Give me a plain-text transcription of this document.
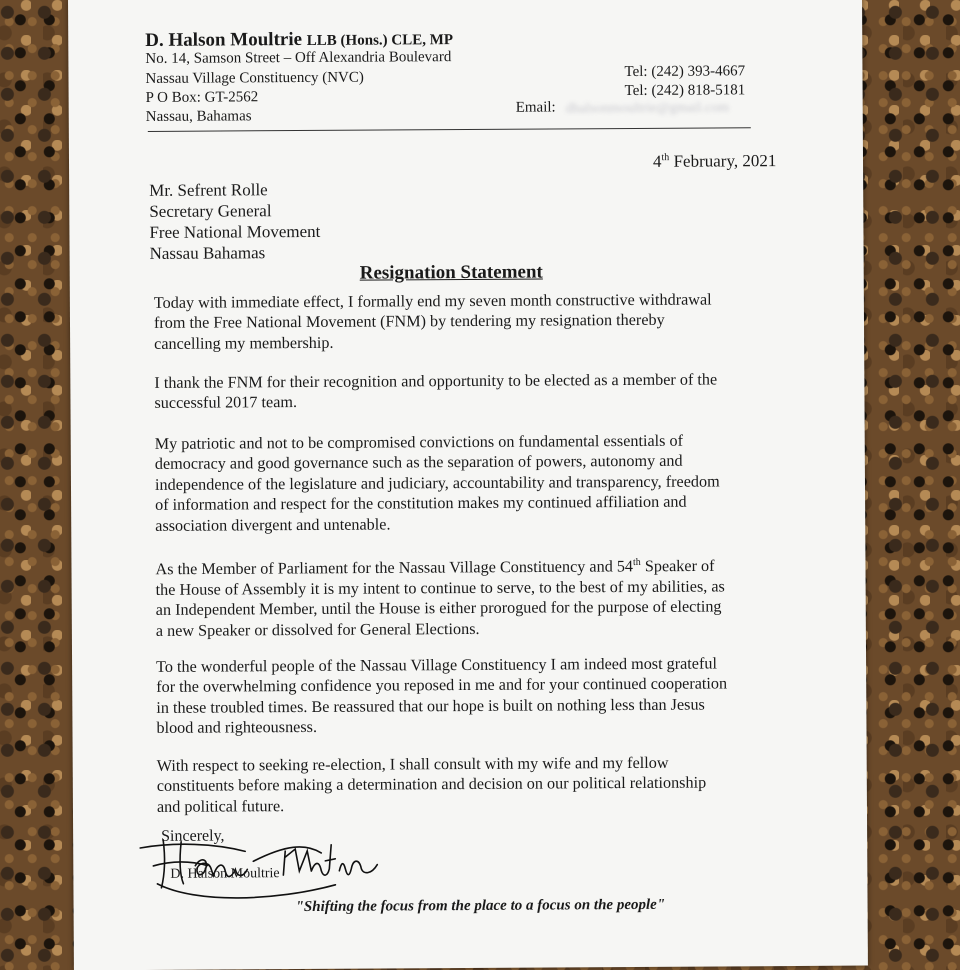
D. Halson Moultrie LLB (Hons.) CLE, MP
No. 14, Samson Street – Off Alexandria Boulevard
Nassau Village Constituency (NVC)
P O Box: GT-2562
Nassau, Bahamas
Tel: (242) 393-4667
Tel: (242) 818-5181
Email: dhalsonmoultrie@gmail.com
4th February, 2021
Mr. Sefrent Rolle
Secretary General
Free National Movement
Nassau Bahamas
Resignation Statement
Today with immediate effect, I formally end my seven month constructive withdrawal
from the Free National Movement (FNM) by tendering my resignation thereby
cancelling my membership.
I thank the FNM for their recognition and opportunity to be elected as a member of the
successful 2017 team.
My patriotic and not to be compromised convictions on fundamental essentials of
democracy and good governance such as the separation of powers, autonomy and
independence of the legislature and judiciary, accountability and transparency, freedom
of information and respect for the constitution makes my continued affiliation and
association divergent and untenable.
As the Member of Parliament for the Nassau Village Constituency and 54th Speaker of
the House of Assembly it is my intent to continue to serve, to the best of my abilities, as
an Independent Member, until the House is either prorogued for the purpose of electing
a new Speaker or dissolved for General Elections.
To the wonderful people of the Nassau Village Constituency I am indeed most grateful
for the overwhelming confidence you reposed in me and for your continued cooperation
in these troubled times. Be reassured that our hope is built on nothing less than Jesus
blood and righteousness.
With respect to seeking re-election, I shall consult with my wife and my fellow
constituents before making a determination and decision on our political relationship
and political future.
Sincerely,
D. Halson Moultrie
"Shifting the focus from the place to a focus on the people"
